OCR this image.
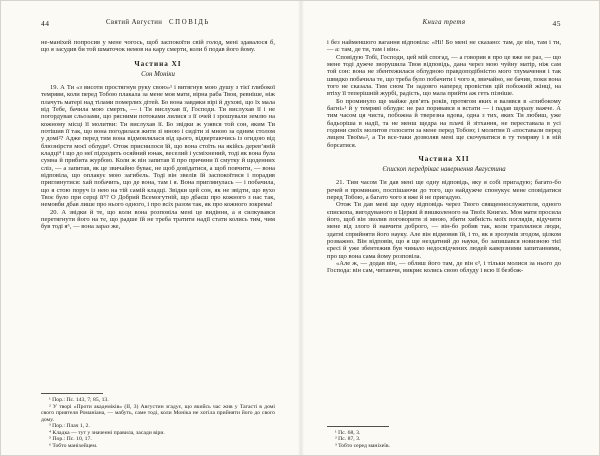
44	Святий Августин СПОВІДЬ

не-маніхей попросив у мене чогось, щоб заспокоїти свій голод, мені здавалося б, що я засудив би той шматочок немов на кару смерти, коли б подав його йому.

Частина XI

Сон Моніки

19. А Ти «з висоти простягнув руку свою»¹ і витягнув мою душу з тієї глибокої темряви, коли перед Тобою плакала за мене моя мати, вірна раба Твоя, ревніше, ніж плачуть матері над тілами померлих дітей. Бо вона завдяки вірі й духові, що їх мала від Тебе, бачила мою смерть, — і Ти вислухав її, Господи. Ти вислухав її і не погордував сльозами, що рясними потоками лилися з її очей і зрошували землю на кожному місці її молитви: Ти вислухав її. Бо звідки ж узявся той сон, яким Ти потішив її так, що вона погодилася жити зі мною і сидіти зі мною за одним столом у домі²? Адже перед тим вона відмовлялася від цього, відвертаючись із огидою від блюзнірств моєї облуди³. Отож приснилося їй, що вона стоїть на якійсь дерев’яній кладці⁴ і що до неї підходить осяйний юнак, веселий і усміхнений, тоді як вона була сумна й прибита журбою. Коли ж він запитав її про причини її смутку й щоденних сліз, — а запитав, як це звичайно буває, не щоб довідатися, а щоб повчити, — вона відповіла, що оплакує мою загибель. Тоді він звелів їй заспокоїтися і порадив приглянутися: хай побачить, що де вона, там і я. Вона приглянулась — і побачила, що я стою поруч із нею на тій самій кладці. Звідки цей сон, як не звідти, що вухо Твоє було при серці її⁵? О Добрий Всемогутній, що дбаєш про кожного з нас так, немовби дбав лише про нього одного, і про всіх разом так, як про кожного зокрема!

20. А звідки й те, що коли вона розповіла мені це видіння, а я силкувався перетягнути його на те, що радше їй не треба тратити надії стати колись тим, чим був тоді я⁶, — вона зараз же,

¹ Пор.: Пс. 143, 7; 85, 13.

² У творі «Проти академіків» (II, 3) Августин згадує, що якийсь час жив у Тагасті в домі свого приятеля Романіана, — мабуть, саме тоді, коли Моніка не хотіла прийняти його до свого дому.

³ Пор.: Плач 1, 2.

⁴ Кладка — тут у значенні правила, засади віри.

⁵ Пор.: Пс. 10, 17.

⁶ Тобто маніхейцем.

45
Книга третя

і без найменшого вагання відповіла: «Ні! Бо мені не сказано: там, де він, там і ти, — а: там, де ти, там і він».

Сповідую Тобі, Господи, цей мій спогад, — а говорив я про це вже не раз, — що мене тоді дужче зворушила Твоя відповідь, дана через мою чуйну матір, ніж сам той сон: вона не збентежилася облудною правдоподібністю мого тлумачення і так швидко побачила те, що треба було побачити і чого я, звичайно, не бачив, поки вона того не сказала. Тим сном Ти задовго наперед провістив цій побожній жінці, на втіху її теперішній журбі, радість, що мала прийти аж геть пізніше.

Бо проминуло ще майже дев’ять років, протягом яких я валявся в «глибокому багні»¹ й у темряві облуди: не раз поривався я встати — і падав щоразу важче. А тим часом ця чиста, побожна й тверезна вдова, одна з тих, яких Ти любиш, уже бадьоріша в надії, та не менш щедра на плачі й зітхання, не переставала в усі години своїх молитов голосити за мене перед Тобою; і молитви її «поставали перед лицем Твоїм»², а Ти все-таки дозволяв мені ще скочуватися в ту темряву і в ній борсатися.

Частина XII

Єпископ передрікає навернення Августина

21. Тим часом Ти дав мені ще одну відповідь, яку я собі пригадую; багато-бо речей я проминаю, поспішаючи до того, що найдужче спонукує мене сповідатися перед Тобою, а багато чого я вже й не пригадую.

Отож Ти дав мені ще одну відповідь через Твого священнослужителя, одного єпископа, вигодуваного в Церкві й вишколеного на Твоїх Книгах. Моя мати просила його, щоб він зволив поговорити зі мною, збити хибність моїх поглядів, відучити мене від злого й навчити доброго, — він-бо робив так, коли траплялися люди, здатні сприйняти його науку. Але він відмовив їй, і то, як я зрозумів згодом, цілком розважно. Він відповів, що я ще нездатний до науки, бо запишався новизною тієї єресі й уже збентежив був чимало недосвідчених людей каверзними запитаннями, про що вона сама йому розповіла.

«Але ж, — додав він, — облиш його там, де він є³, і тільки молися за нього до Господа: він сам, читаючи, викриє колись свою облуду і всю її безбож-

¹ Пс. 68, 3.

² Пс. 87, 3.

³ Тобто серед маніхеїв.
